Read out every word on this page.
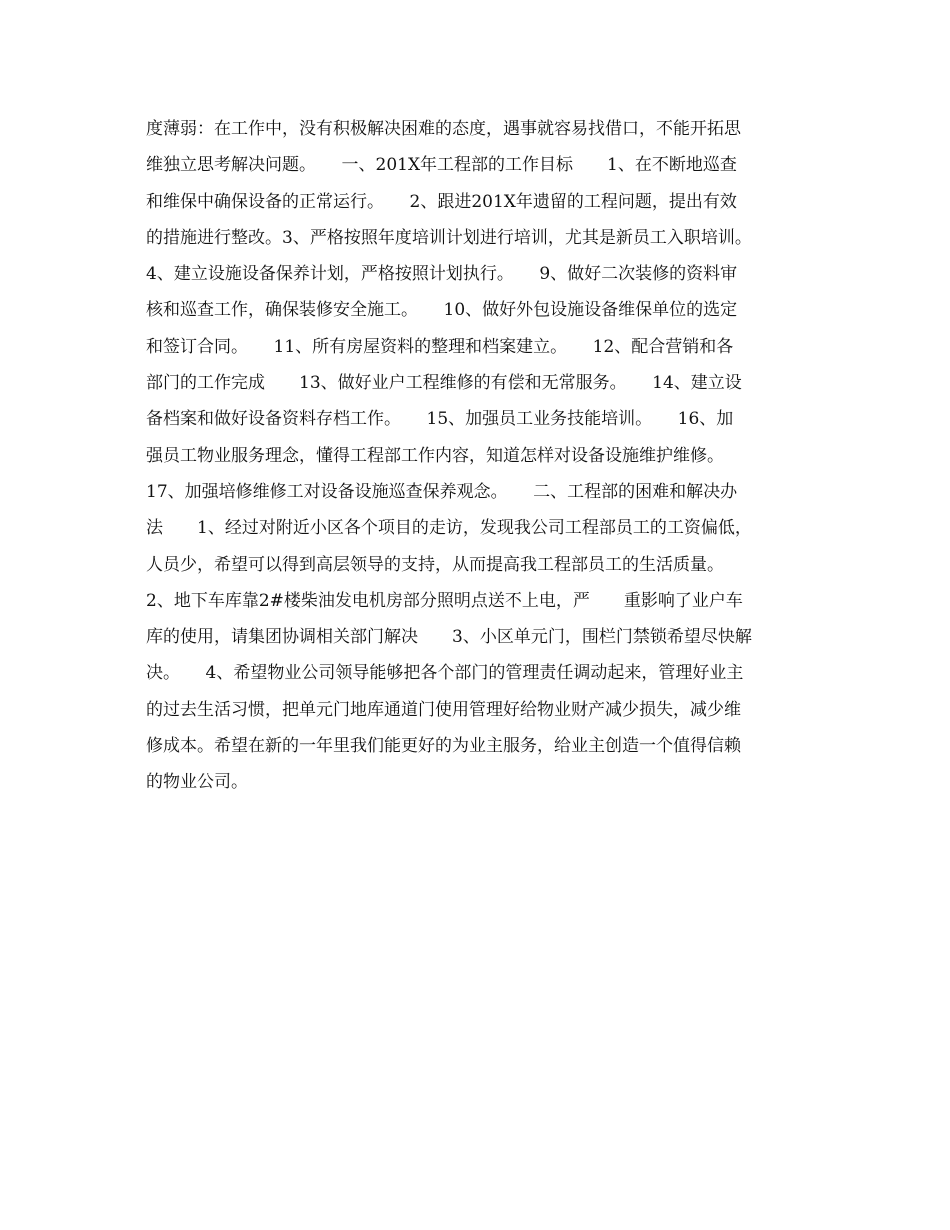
度薄弱：在工作中，没有积极解决困难的态度，遇事就容易找借口，不能开拓思
维独立思考解决问题。　　一、201X年工程部的工作目标　　1、在不断地巡查
和维保中确保设备的正常运行。　　2、跟进201X年遗留的工程问题，提出有效
的措施进行整改。3、严格按照年度培训计划进行培训，尤其是新员工入职培训。
4、建立设施设备保养计划，严格按照计划执行。　　9、做好二次装修的资料审
核和巡查工作，确保装修安全施工。　　10、做好外包设施设备维保单位的选定
和签订合同。　　11、所有房屋资料的整理和档案建立。　　12、配合营销和各
部门的工作完成　　13、做好业户工程维修的有偿和无常服务。　　14、建立设
备档案和做好设备资料存档工作。　　15、加强员工业务技能培训。　　16、加
强员工物业服务理念，懂得工程部工作内容，知道怎样对设备设施维护维修。
17、加强培修维修工对设备设施巡查保养观念。　　二、工程部的困难和解决办
法　　1、经过对附近小区各个项目的走访，发现我公司工程部员工的工资偏低，
人员少，希望可以得到高层领导的支持，从而提高我工程部员工的生活质量。
2、地下车库靠2#楼柴油发电机房部分照明点送不上电，严　　重影响了业户车
库的使用，请集团协调相关部门解决　　3、小区单元门，围栏门禁锁希望尽快解
决。　　4、希望物业公司领导能够把各个部门的管理责任调动起来，管理好业主
的过去生活习惯，把单元门地库通道门使用管理好给物业财产减少损失，减少维
修成本。希望在新的一年里我们能更好的为业主服务，给业主创造一个值得信赖
的物业公司。
